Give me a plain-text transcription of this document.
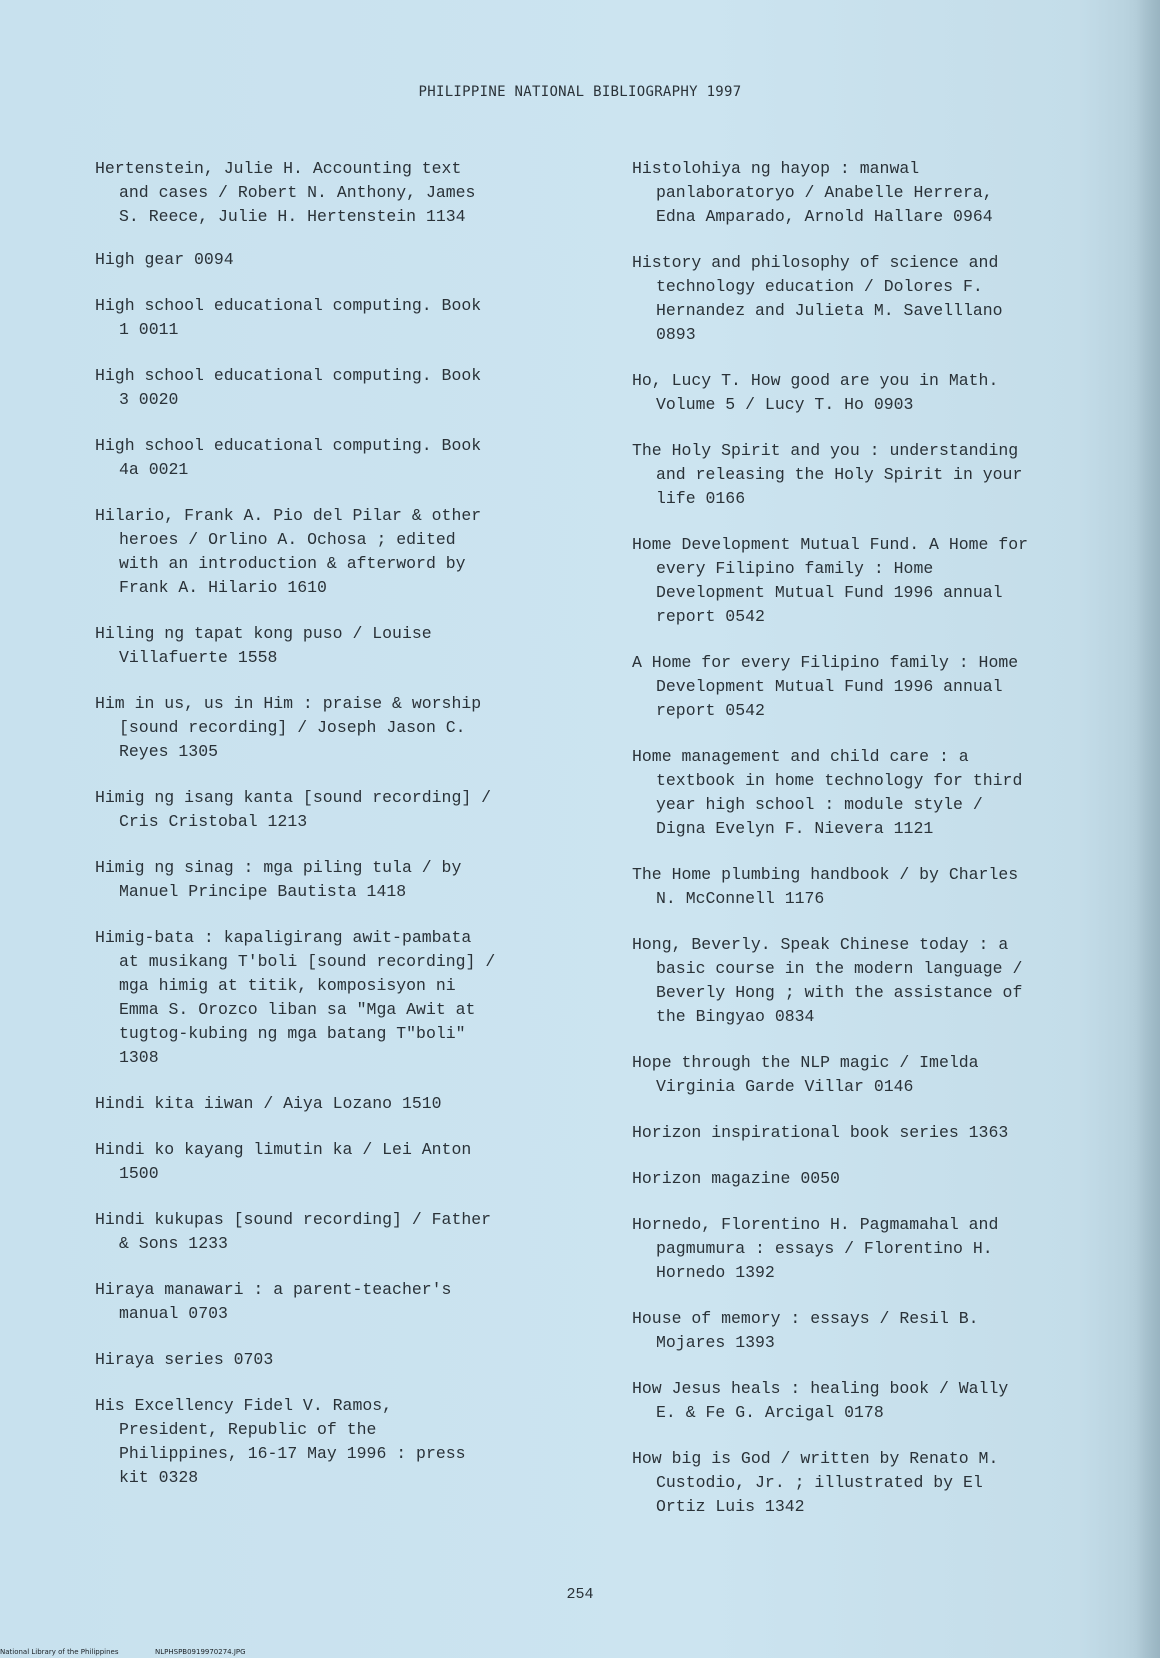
PHILIPPINE NATIONAL BIBLIOGRAPHY 1997

Hertenstein, Julie H. Accounting text
and cases / Robert N. Anthony, James
S. Reece, Julie H. Hertenstein 1134

High gear 0094

High school educational computing. Book
1 0011

High school educational computing. Book
3 0020

High school educational computing. Book
4a 0021

Hilario, Frank A. Pio del Pilar & other
heroes / Orlino A. Ochosa ; edited
with an introduction & afterword by
Frank A. Hilario 1610

Hiling ng tapat kong puso / Louise
Villafuerte 1558

Him in us, us in Him : praise & worship
[sound recording] / Joseph Jason C.
Reyes 1305

Himig ng isang kanta [sound recording] /
Cris Cristobal 1213

Himig ng sinag : mga piling tula / by
Manuel Principe Bautista 1418

Himig-bata : kapaligirang awit-pambata
at musikang T'boli [sound recording] /
mga himig at titik, komposisyon ni
Emma S. Orozco liban sa "Mga Awit at
tugtog-kubing ng mga batang T"boli"
1308

Hindi kita iiwan / Aiya Lozano 1510

Hindi ko kayang limutin ka / Lei Anton
1500

Hindi kukupas [sound recording] / Father
& Sons 1233

Hiraya manawari : a parent-teacher's
manual 0703

Hiraya series 0703

His Excellency Fidel V. Ramos,
President, Republic of the
Philippines, 16-17 May 1996 : press
kit 0328

Histolohiya ng hayop : manwal
panlaboratoryo / Anabelle Herrera,
Edna Amparado, Arnold Hallare 0964

History and philosophy of science and
technology education / Dolores F.
Hernandez and Julieta M. Savelllano
0893

Ho, Lucy T. How good are you in Math.
Volume 5 / Lucy T. Ho 0903

The Holy Spirit and you : understanding
and releasing the Holy Spirit in your
life 0166

Home Development Mutual Fund. A Home for
every Filipino family : Home
Development Mutual Fund 1996 annual
report 0542

A Home for every Filipino family : Home
Development Mutual Fund 1996 annual
report 0542

Home management and child care : a
textbook in home technology for third
year high school : module style /
Digna Evelyn F. Nievera 1121

The Home plumbing handbook / by Charles
N. McConnell 1176

Hong, Beverly. Speak Chinese today : a
basic course in the modern language /
Beverly Hong ; with the assistance of
the Bingyao 0834

Hope through the NLP magic / Imelda
Virginia Garde Villar 0146

Horizon inspirational book series 1363

Horizon magazine 0050

Hornedo, Florentino H. Pagmamahal and
pagmumura : essays / Florentino H.
Hornedo 1392

House of memory : essays / Resil B.
Mojares 1393

How Jesus heals : healing book / Wally
E. & Fe G. Arcigal 0178

How big is God / written by Renato M.
Custodio, Jr. ; illustrated by El
Ortiz Luis 1342

254
National Library of the Philippines	NLPHSPB0919970274.JPG
